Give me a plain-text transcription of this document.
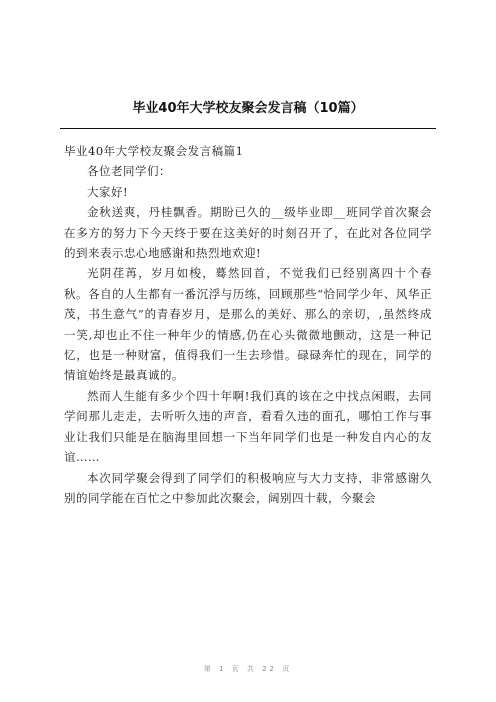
毕业40年大学校友聚会发言稿（10篇）

毕业40年大学校友聚会发言稿篇1

各位老同学们：

大家好!

金秋送爽，丹桂飘香。期盼已久的__级毕业即__班同学首次聚会在多方的努力下今天终于要在这美好的时刻召开了，在此对各位同学的到来表示忠心地感谢和热烈地欢迎!

光阴荏苒，岁月如梭，蓦然回首，不觉我们已经别离四十个春秋。各自的人生都有一番沉浮与历练，回顾那些“恰同学少年、风华正茂，书生意气”的青春岁月，是那么的美好、那么的亲切，,虽然终成一笑,却也止不住一种年少的情感,仍在心头微微地颤动，这是一种记忆，也是一种财富，值得我们一生去珍惜。碌碌奔忙的现在，同学的情谊始终是最真诚的。

然而人生能有多少个四十年啊!我们真的该在之中找点闲暇，去同学间那儿走走，去听听久违的声音，看看久违的面孔，哪怕工作与事业让我们只能是在脑海里回想一下当年同学们也是一种发自内心的友谊……

本次同学聚会得到了同学们的积极响应与大力支持，非常感谢久别的同学能在百忙之中参加此次聚会，阔别四十载，今聚会

第 1 页 共 22 页
